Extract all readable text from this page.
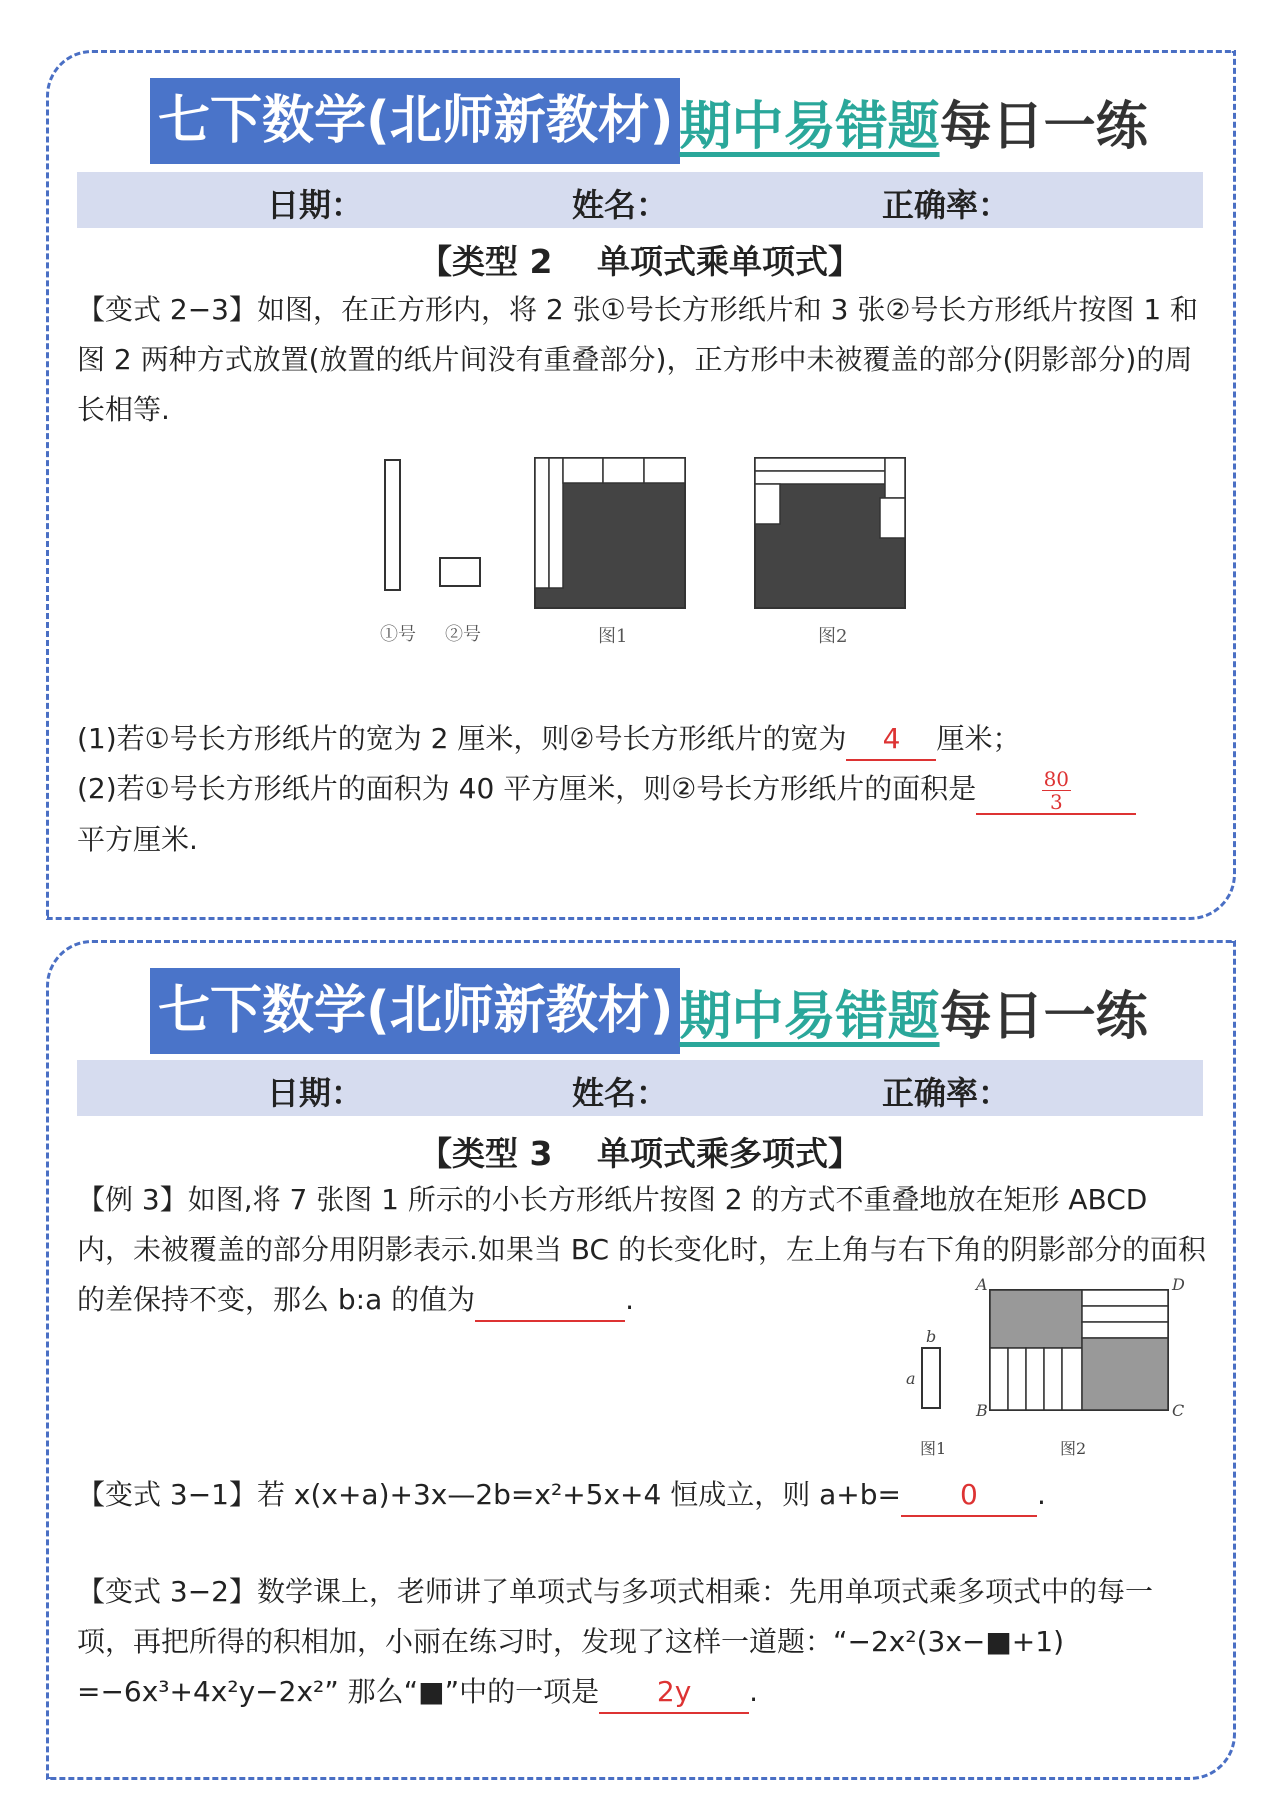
七下数学(北师新教材) 期中易错题 每日一练
日期：	姓名：	正确率：
【类型 2　 单项式乘单项式】
【变式 2−3】如图，在正方形内，将 2 张①号长方形纸片和 3 张②号长方形纸片按图 1 和图 2 两种方式放置(放置的纸片间没有重叠部分)，正方形中未被覆盖的部分(阴影部分)的周长相等.
①号 ②号	图1	图2
(1)若①号长方形纸片的宽为 2 厘米，则②号长方形纸片的宽为 4 厘米；
(2)若①号长方形纸片的面积为 40 平方厘米，则②号长方形纸片的面积是	$\frac{80}{3}$

平方厘米.
七下数学(北师新教材) 期中易错题 每日一练
日期：	姓名：	正确率：
【类型 3　 单项式乘多项式】
【例 3】如图,将 7 张图 1 所示的小长方形纸片按图 2 的方式不重叠地放在矩形 ABCD 内，未被覆盖的部分用阴影表示.如果当 BC 的长变化时，左上角与右下角的阴影部分的面积的差保持不变，那么 b:a 的值为	.
b
a
A	D
B	C
图1	图2
【变式 3−1】若 x(x+a)+3x—2b=x²+5x+4 恒成立，则 a+b= 0 .
【变式 3−2】数学课上，老师讲了单项式与多项式相乘：先用单项式乘多项式中的每一项，再把所得的积相加，小丽在练习时，发现了这样一道题：“−2x²(3x−■+1) =−6x³+4x²y−2x²” 那么“■”中的一项是 2y .
